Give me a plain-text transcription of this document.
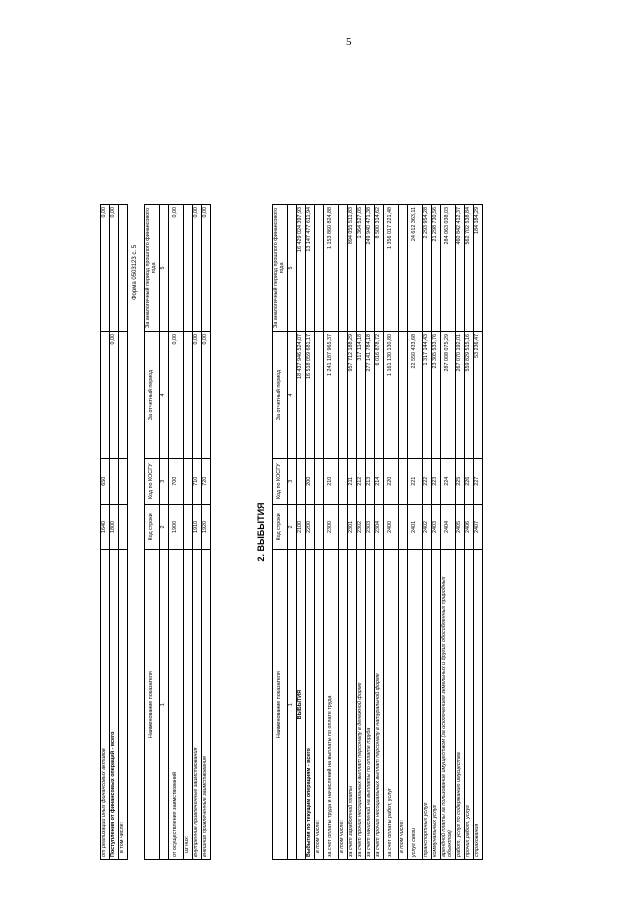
5
от реализации иных финансовых активов	1640	650		0,00
Поступления от финансовых операций - всего	1800		0,00	0,00
в том числе:				
Форма 0503123 с. 5
Наименование показателя	Код строки	Код по КОСГУ	За отчетный период	За аналогичный период прошлого финансового года
1	2	3	4	5
от осуществления заимствований	1900	700	0,00	0,00
из них:				
внутренние привлеченные заимствования	1910	710	0,00	0,00
внешние привлеченные заимствования	1920	720	0,00	0,00
2. ВЫБЫТИЯ
Наименование показателя	Код строки	Код по КОСГУ	За отчетный период	За аналогичный период прошлого финансового года
1	2	3	4	5
ВЫБЫТИЯ	2100		18 437 946 524,07	16 429 024 397,93
Выбытия по текущим операциям - всего	2200	200	16 518 059 681,17	13 147 477 611,94
в том числе:				
за счет оплаты труда и начислений на выплаты по оплате труда	2300	210	1 241 187 965,37	1 153 860 824,88
в том числе:				
за счет заработной платы	2301	211	957 712 188,29	894 055 511,83
за счет прочих несоциальных выплат персоналу в денежной форме	2302	212	317 114,18	1 364 527,05
за счет начислений на выплаты по оплате труда	2303	213	277 141 784,18	249 940 471,38
за счет прочих несоциальных выплат персоналу в натуральной форме	2304	214	6 016 878,72	8 500 314,62
за счет оплаты работ, услуг	2400	220	1 161 130 130,80	1 356 017 221,48
в том числе:				
услуг связи	2401	221	22 550 433,68	24 612 363,11
транспортных услуг	2402	222	1 317 144,43	2 293 954,28
коммунальных услуг	2403	223	23 305 533,76	21 298 730,56
арендной платы за пользование имуществом (за исключением земельных и других обособленных природных объектов)	2404	224	287 008 075,29	284 063 038,03
работ, услуг по содержанию имущества	2405	225	267 070 192,01	460 842 412,37
прочих работ, услуг	2406	226	559 829 515,16	562 702 538,84
страхования	2407	227	53 236,47	184 184,29
